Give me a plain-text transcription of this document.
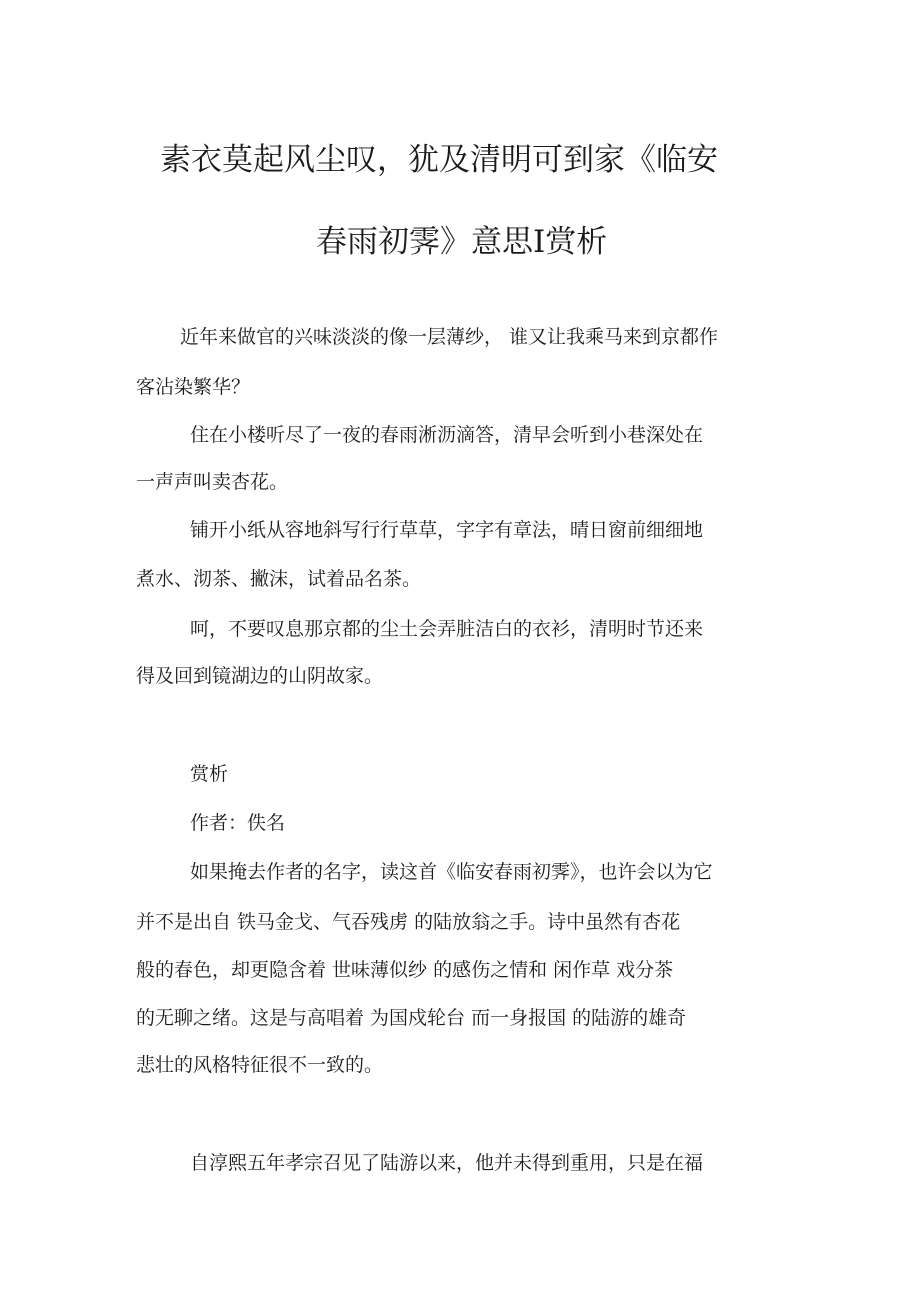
素衣莫起风尘叹，犹及清明可到家《临安
春雨初霁》意思I赏析
近年来做官的兴味淡淡的像一层薄纱， 谁又让我乘马来到京都作
客沾染繁华？
住在小楼听尽了一夜的春雨淅沥滴答，清早会听到小巷深处在
一声声叫卖杏花。
铺开小纸从容地斜写行行草草，字字有章法，晴日窗前细细地
煮水、沏茶、撇沫，试着品名茶。
呵，不要叹息那京都的尘土会弄脏洁白的衣衫，清明时节还来
得及回到镜湖边的山阴故家。
赏析
作者：佚名
如果掩去作者的名字，读这首《临安春雨初霁》，也许会以为它
并不是出自 铁马金戈、气吞残虏 的陆放翁之手。诗中虽然有杏花
般的春色，却更隐含着 世味薄似纱 的感伤之情和 闲作草 戏分茶
的无聊之绪。这是与高唱着 为国戍轮台 而一身报国 的陆游的雄奇
悲壮的风格特征很不一致的。
自淳熙五年孝宗召见了陆游以来，他并未得到重用，只是在福
